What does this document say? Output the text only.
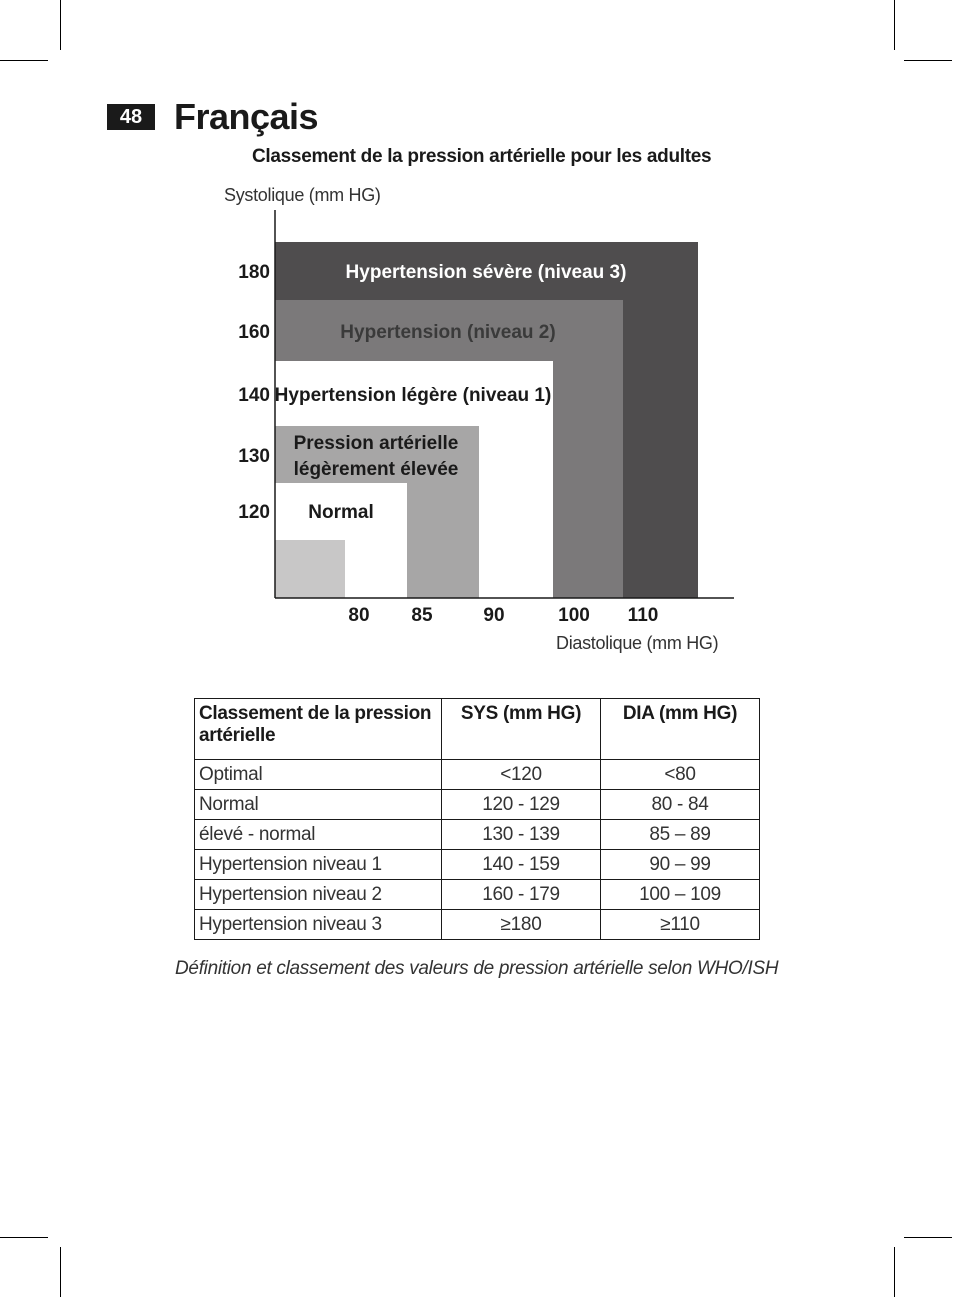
48 Français
Classement de la pression artérielle pour les adultes
Systolique (mm HG)
Diastolique (mm HG)
Hypertension sévère (niveau 3)
Hypertension (niveau 2)
Hypertension légère (niveau 1)
Normal
Pression artérielle
légèrement élevée
120
130
140
160
180
80 85	90	100 110
Classement de la pression artérielle	SYS (mm HG)	DIA (mm HG)
Optimal	<120	<80
Normal	120 - 129	80 - 84
élevé - normal	130 - 139	85 – 89
Hypertension niveau 1	140 - 159	90 – 99
Hypertension niveau 2	160 - 179	100 – 109
Hypertension niveau 3	≥180	≥110
Définition et classement des valeurs de pression artérielle selon WHO/ISH
